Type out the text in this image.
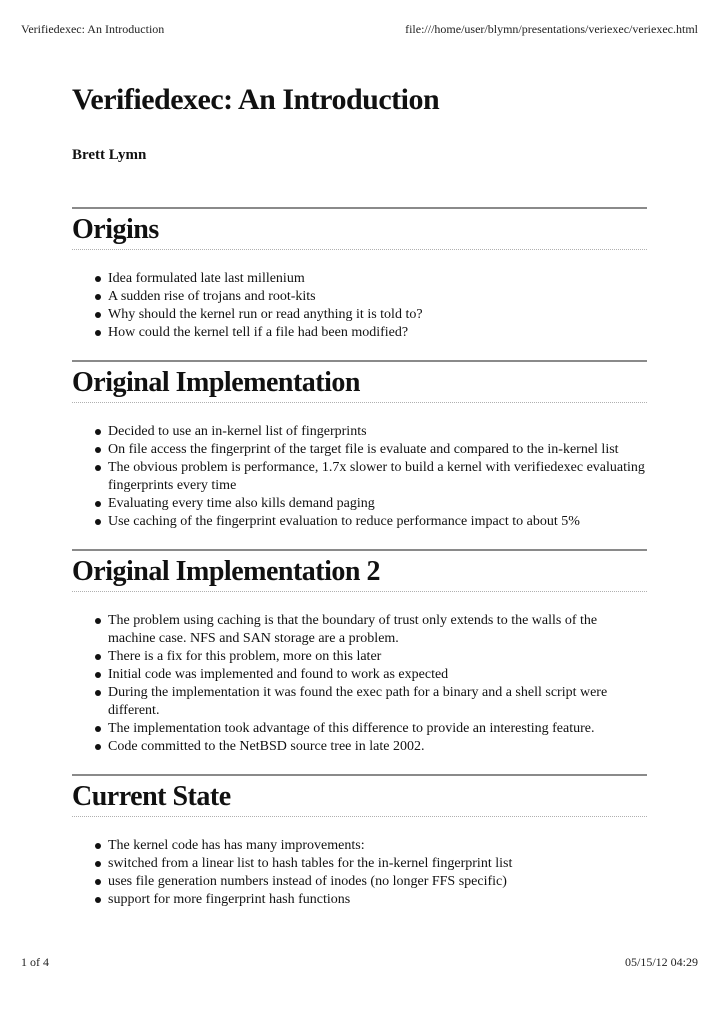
Verifiedexec: An Introduction	file:///home/user/blymn/presentations/veriexec/veriexec.html
Verifiedexec: An Introduction
Brett Lymn
Origins
Idea formulated late last millenium
A sudden rise of trojans and root-kits
Why should the kernel run or read anything it is told to?
How could the kernel tell if a file had been modified?
Original Implementation
Decided to use an in-kernel list of fingerprints
On file access the fingerprint of the target file is evaluate and compared to the in-kernel list
The obvious problem is performance, 1.7x slower to build a kernel with verifiedexec evaluating fingerprints every time
Evaluating every time also kills demand paging
Use caching of the fingerprint evaluation to reduce performance impact to about 5%
Original Implementation 2
The problem using caching is that the boundary of trust only extends to the walls of the machine case. NFS and SAN storage are a problem.
There is a fix for this problem, more on this later
Initial code was implemented and found to work as expected
During the implementation it was found the exec path for a binary and a shell script were different.
The implementation took advantage of this difference to provide an interesting feature.
Code committed to the NetBSD source tree in late 2002.
Current State
The kernel code has has many improvements:
switched from a linear list to hash tables for the in-kernel fingerprint list
uses file generation numbers instead of inodes (no longer FFS specific)
support for more fingerprint hash functions
1 of 4	05/15/12 04:29
